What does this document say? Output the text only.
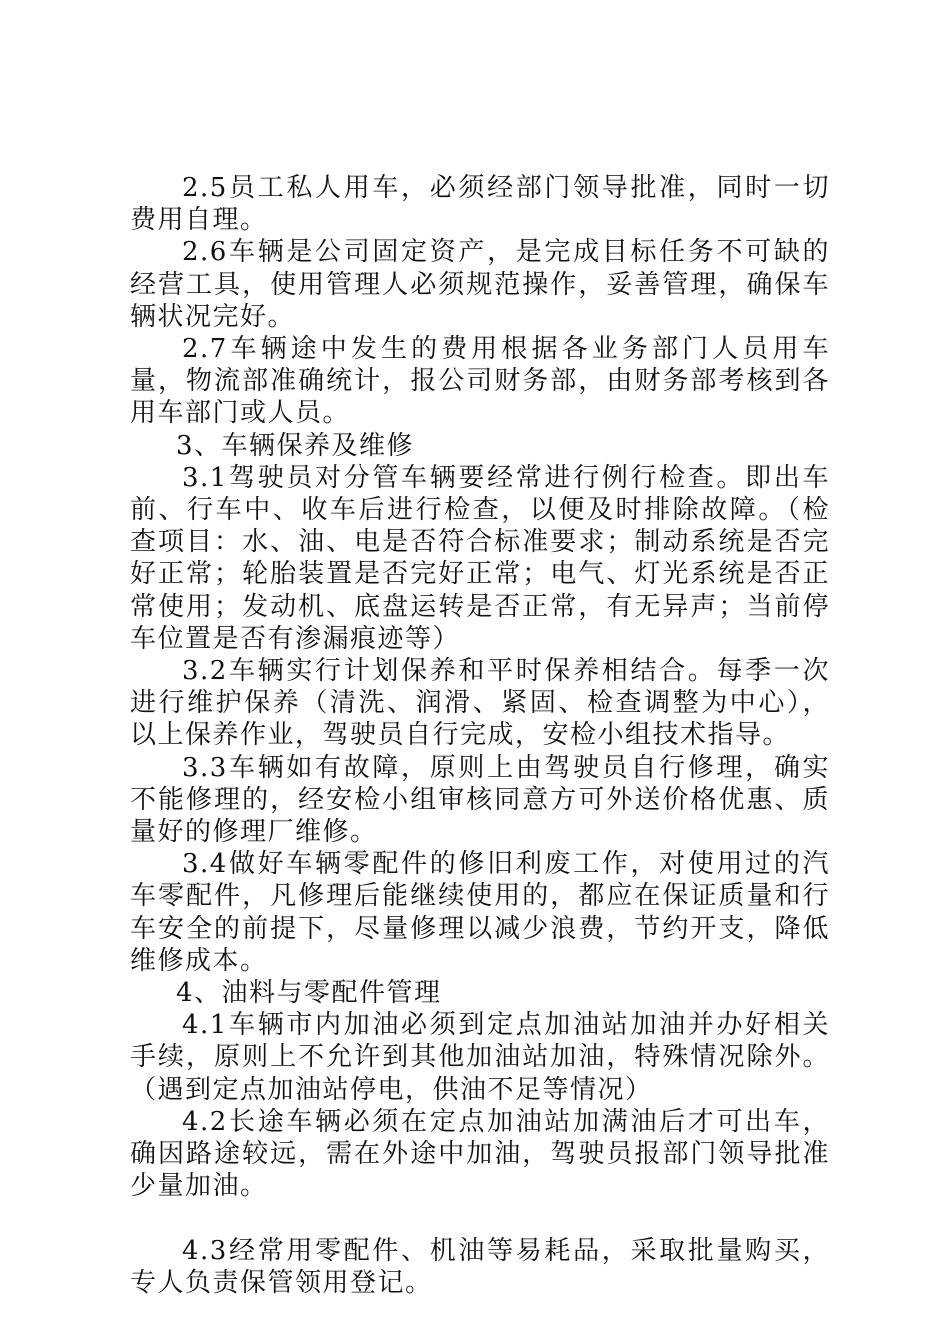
2.5员工私人用车，必须经部门领导批准，同时一切费用自理。

2.6车辆是公司固定资产，是完成目标任务不可缺的经营工具，使用管理人必须规范操作，妥善管理，确保车辆状况完好。

2.7车辆途中发生的费用根据各业务部门人员用车量，物流部准确统计，报公司财务部，由财务部考核到各用车部门或人员。

3、车辆保养及维修

3.1驾驶员对分管车辆要经常进行例行检查。即出车前、行车中、收车后进行检查，以便及时排除故障。（检查项目：水、油、电是否符合标准要求；制动系统是否完好正常；轮胎装置是否完好正常；电气、灯光系统是否正常使用；发动机、底盘运转是否正常，有无异声；当前停车位置是否有渗漏痕迹等）

3.2车辆实行计划保养和平时保养相结合。每季一次进行维护保养（清洗、润滑、紧固、检查调整为中心），以上保养作业，驾驶员自行完成，安检小组技术指导。

3.3车辆如有故障，原则上由驾驶员自行修理，确实不能修理的，经安检小组审核同意方可外送价格优惠、质量好的修理厂维修。

3.4做好车辆零配件的修旧利废工作，对使用过的汽车零配件，凡修理后能继续使用的，都应在保证质量和行车安全的前提下，尽量修理以减少浪费，节约开支，降低维修成本。

4、油料与零配件管理

4.1车辆市内加油必须到定点加油站加油并办好相关手续，原则上不允许到其他加油站加油，特殊情况除外。（遇到定点加油站停电，供油不足等情况）

4.2长途车辆必须在定点加油站加满油后才可出车，确因路途较远，需在外途中加油，驾驶员报部门领导批准少量加油。

4.3经常用零配件、机油等易耗品，采取批量购买，专人负责保管领用登记。
